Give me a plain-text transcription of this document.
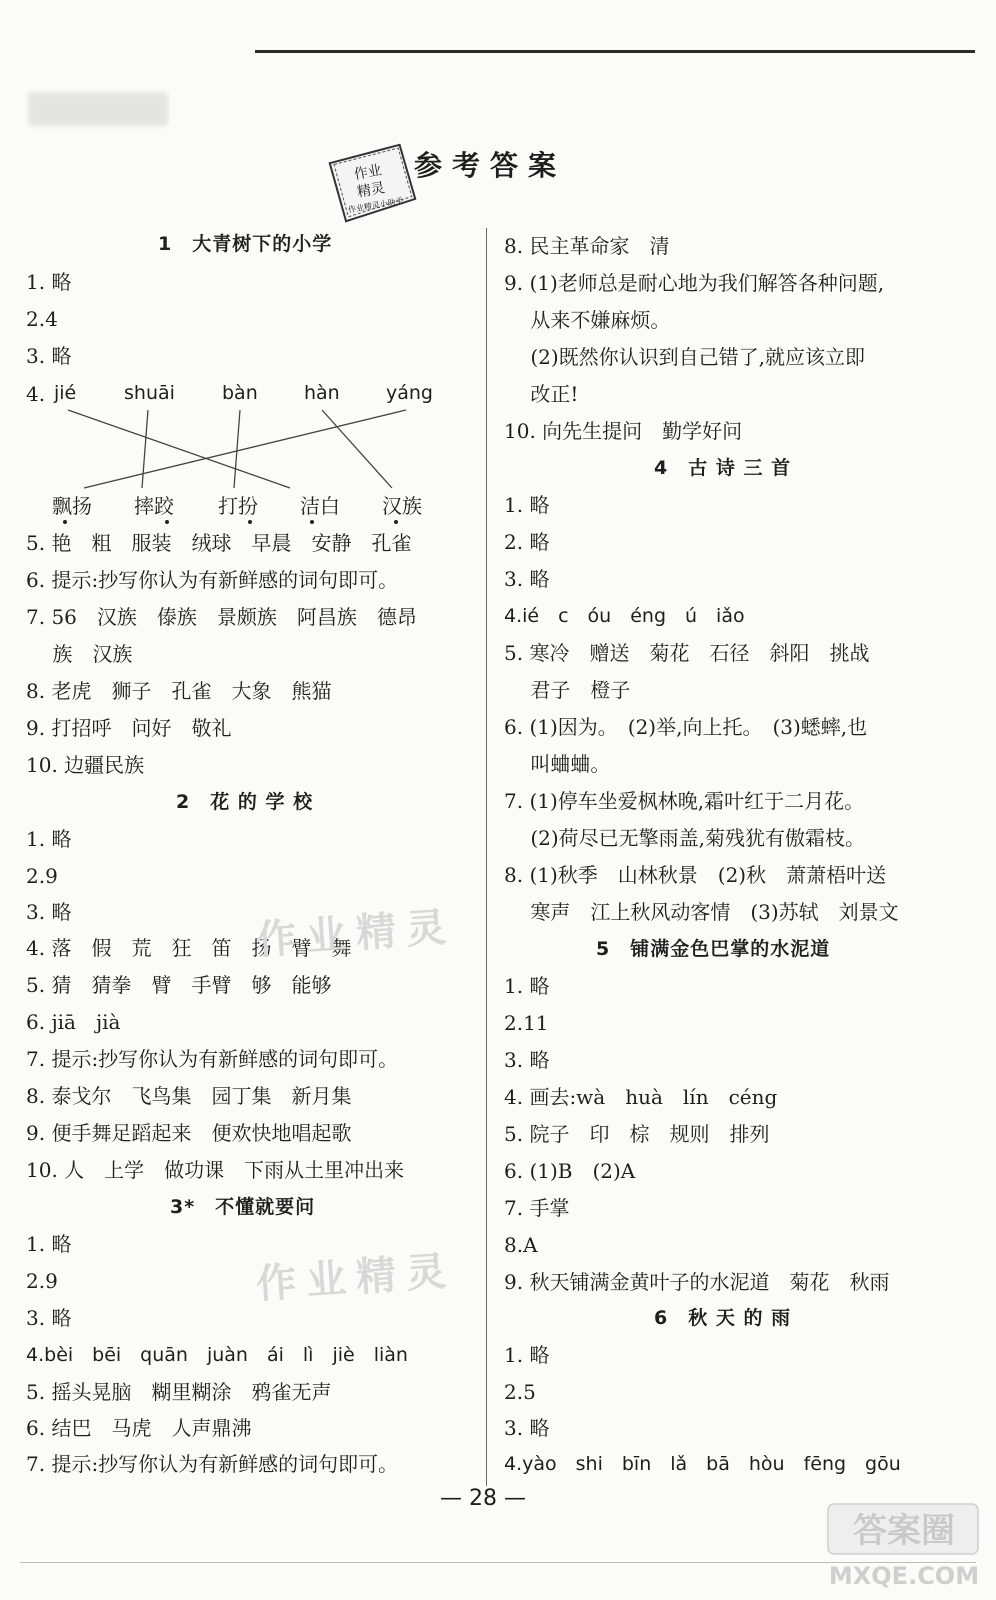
作业
精灵
作业精灵小助手
参考答案
1　大青树下的小学
1. 略
2.4
3. 略
4. jié	shuāi bàn hàn yáng
飘扬 摔跤 打扮 洁白 汉族
5. 艳　粗　服装　绒球　早晨　安静　孔雀
6. 提示:抄写你认为有新鲜感的词句即可。
7. 56　汉族　傣族　景颇族　阿昌族　德昂
　 族　汉族
8. 老虎　狮子　孔雀　大象　熊猫
9. 打招呼　问好　敬礼
10. 边疆民族
2　花 的 学 校
1. 略
2.9
3. 略
4. 落　假　荒　狂　笛　扬　臂　舞
5. 猜　猜拳　臂　手臂　够　能够
6. jiā　jià
7. 提示:抄写你认为有新鲜感的词句即可。
8. 泰戈尔　飞鸟集　园丁集　新月集
9. 便手舞足蹈起来　便欢快地唱起歌
10. 人　上学　做功课　下雨从土里冲出来
3*　不懂就要问
1. 略
2.9
3. 略
4.bèi　bēi　quān　juàn　ái　lì　jiè　liàn
5. 摇头晃脑　糊里糊涂　鸦雀无声
6. 结巴　马虎　人声鼎沸
7. 提示:抄写你认为有新鲜感的词句即可。
8. 民主革命家　清
9. (1)老师总是耐心地为我们解答各种问题,
　 从来不嫌麻烦。
　 (2)既然你认识到自己错了,就应该立即
　 改正!
10. 向先生提问　勤学好问
4　古 诗 三 首
1. 略
2. 略
3. 略
4.ié　c　óu　éng　ú　iǎo
5. 寒冷　赠送　菊花　石径　斜阳　挑战
　 君子　橙子
6. (1)因为。　(2)举,向上托。　(3)蟋蟀,也
　 叫蛐蛐。
7. (1)停车坐爱枫林晚,霜叶红于二月花。
　 (2)荷尽已无擎雨盖,菊残犹有傲霜枝。
8. (1)秋季　山林秋景　(2)秋　萧萧梧叶送
　 寒声　江上秋风动客情　(3)苏轼　刘景文
5　铺满金色巴掌的水泥道
1. 略
2.11
3. 略
4. 画去:wà　huà　lín　céng
5. 院子　印　棕　规则　排列
6. (1)B　(2)A
7. 手掌
8.A
9. 秋天铺满金黄叶子的水泥道　菊花　秋雨
6　秋 天 的 雨
1. 略
2.5
3. 略
4.yào　shi　bīn　lǎ　bā　hòu　fēng　gōu
作业精灵
作业精灵
— 28 —
答案圈
MXQE.COM
